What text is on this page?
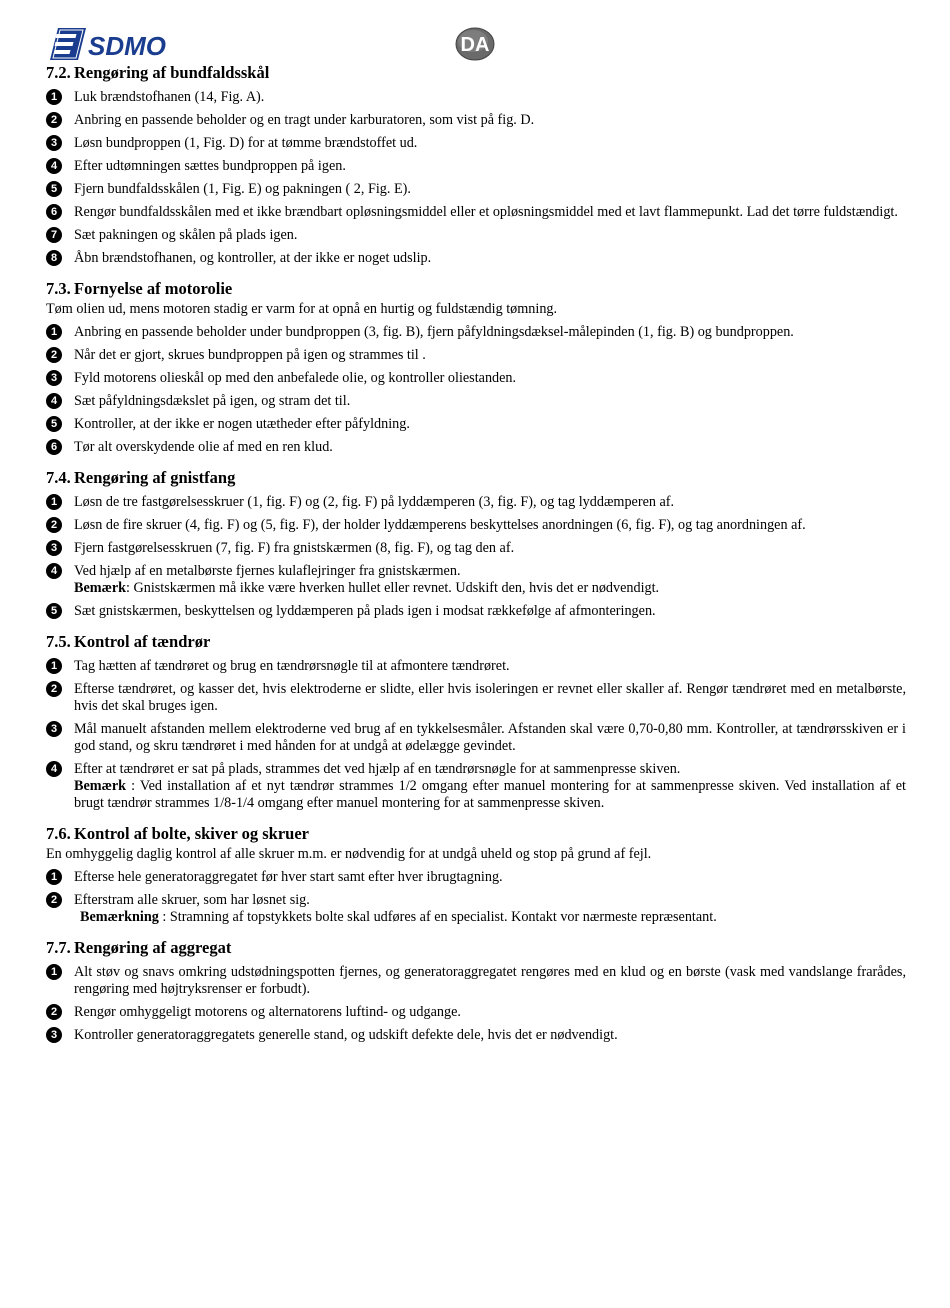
SDMO	DA
7.2. Rengøring af bundfaldsskål
1	Luk brændstofhanen (14, Fig. A).
2	Anbring en passende beholder og en tragt under karburatoren, som vist på fig. D.
3	Løsn bundproppen (1, Fig. D) for at tømme brændstoffet ud.
4	Efter udtømningen sættes bundproppen på igen.
5	Fjern bundfaldsskålen (1, Fig. E) og pakningen ( 2, Fig. E).
6	Rengør bundfaldsskålen med et ikke brændbart opløsningsmiddel eller et opløsningsmiddel med et lavt flammepunkt. Lad det tørre fuldstændigt.
7	Sæt pakningen og skålen på plads igen.
8	Åbn brændstofhanen, og kontroller, at der ikke er noget udslip.
7.3. Fornyelse af motorolie
Tøm olien ud, mens motoren stadig er varm for at opnå en hurtig og fuldstændig tømning.
1	Anbring en passende beholder under bundproppen (3, fig. B), fjern påfyldningsdæksel-målepinden (1, fig. B) og bundproppen.
2	Når det er gjort, skrues bundproppen på igen og strammes til .
3	Fyld motorens olieskål op med den anbefalede olie, og kontroller oliestanden.
4	Sæt påfyldningsdækslet på igen, og stram det til.
5	Kontroller, at der ikke er nogen utætheder efter påfyldning.
6	Tør alt overskydende olie af med en ren klud.
7.4. Rengøring af gnistfang
1	Løsn de tre fastgørelsesskruer (1, fig. F) og (2, fig. F) på lyddæmperen (3, fig. F), og tag lyddæmperen af.
2	Løsn de fire skruer (4, fig. F) og (5, fig. F), der holder lyddæmperens beskyttelses anordningen (6, fig. F), og tag anordningen af.
3	Fjern fastgørelsesskruen (7, fig. F) fra gnistskærmen (8, fig. F), og tag den af.
4	Ved hjælp af en metalbørste fjernes kulaflejringer fra gnistskærmen.
Bemærk: Gnistskærmen må ikke være hverken hullet eller revnet. Udskift den, hvis det er nødvendigt.
5	Sæt gnistskærmen, beskyttelsen og lyddæmperen på plads igen i modsat rækkefølge af afmonteringen.
7.5. Kontrol af tændrør
1	Tag hætten af tændrøret og brug en tændrørsnøgle til at afmontere tændrøret.
2	Efterse tændrøret, og kasser det, hvis elektroderne er slidte, eller hvis isoleringen er revnet eller skaller af. Rengør tændrøret med en metalbørste, hvis det skal bruges igen.
3	Mål manuelt afstanden mellem elektroderne ved brug af en tykkelsesmåler. Afstanden skal være 0,70-0,80 mm. Kontroller, at tændrørsskiven er i god stand, og skru tændrøret i med hånden for at undgå at ødelægge gevindet.
4	Efter at tændrøret er sat på plads, strammes det ved hjælp af en tændrørsnøgle for at sammenpresse skiven.
Bemærk : Ved installation af et nyt tændrør strammes 1/2 omgang efter manuel montering for at sammenpresse skiven. Ved installation af et brugt tændrør strammes 1/8-1/4 omgang efter manuel montering for at sammenpresse skiven.
7.6. Kontrol af bolte, skiver og skruer
En omhyggelig daglig kontrol af alle skruer m.m. er nødvendig for at undgå uheld og stop på grund af fejl.
1	Efterse hele generatoraggregatet før hver start samt efter hver ibrugtagning.
2	Efterstram alle skruer, som har løsnet sig.
Bemærkning : Stramning af topstykkets bolte skal udføres af en specialist. Kontakt vor nærmeste repræsentant.
7.7. Rengøring af aggregat
1	Alt støv og snavs omkring udstødningspotten fjernes, og generatoraggregatet rengøres med en klud og en børste (vask med vandslange frarådes, rengøring med højtryksrenser er forbudt).
2	Rengør omhyggeligt motorens og alternatorens luftind- og udgange.
3	Kontroller generatoraggregatets generelle stand, og udskift defekte dele, hvis det er nødvendigt.
